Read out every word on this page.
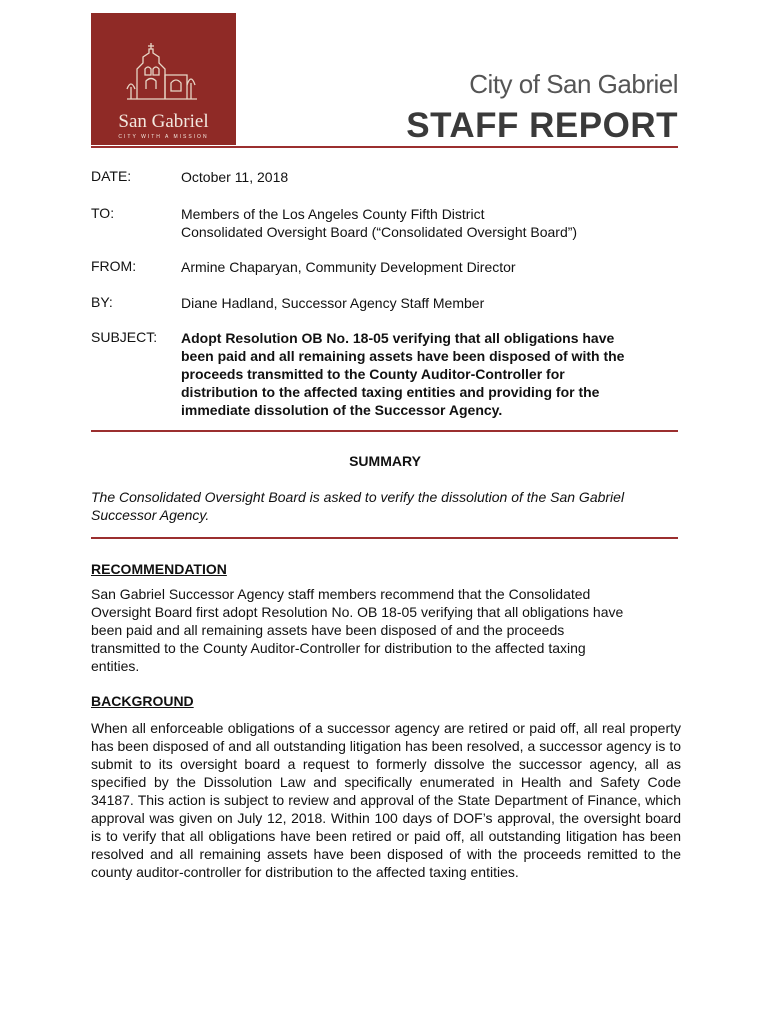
San Gabriel
CITY WITH A MISSION
City of San Gabriel
STAFF REPORT
DATE:	October 11, 2018
TO:	Members of the Los Angeles County Fifth District
Consolidated Oversight Board (“Consolidated Oversight Board”)
FROM:	Armine Chaparyan, Community Development Director
BY:	Diane Hadland, Successor Agency Staff Member
SUBJECT: Adopt Resolution OB No. 18-05 verifying that all obligations have
been paid and all remaining assets have been disposed of with the
proceeds transmitted to the County Auditor-Controller for
distribution to the affected taxing entities and providing for the
immediate dissolution of the Successor Agency.
SUMMARY
The Consolidated Oversight Board is asked to verify the dissolution of the San Gabriel
Successor Agency.
RECOMMENDATION
San Gabriel Successor Agency staff members recommend that the Consolidated
Oversight Board first adopt Resolution No. OB 18-05 verifying that all obligations have
been paid and all remaining assets have been disposed of and the proceeds
transmitted to the County Auditor-Controller for distribution to the affected taxing
entities.
BACKGROUND
When all enforceable obligations of a successor agency are retired or paid off, all real property has been disposed of and all outstanding litigation has been resolved, a successor agency is to submit to its oversight board a request to formerly dissolve the successor agency, all as specified by the Dissolution Law and specifically enumerated in Health and Safety Code 34187. This action is subject to review and approval of the State Department of Finance, which approval was given on July 12, 2018. Within 100 days of DOF’s approval, the oversight board is to verify that all obligations have been retired or paid off, all outstanding litigation has been resolved and all remaining assets have been disposed of with the proceeds remitted to the county auditor-controller for distribution to the affected taxing entities.
